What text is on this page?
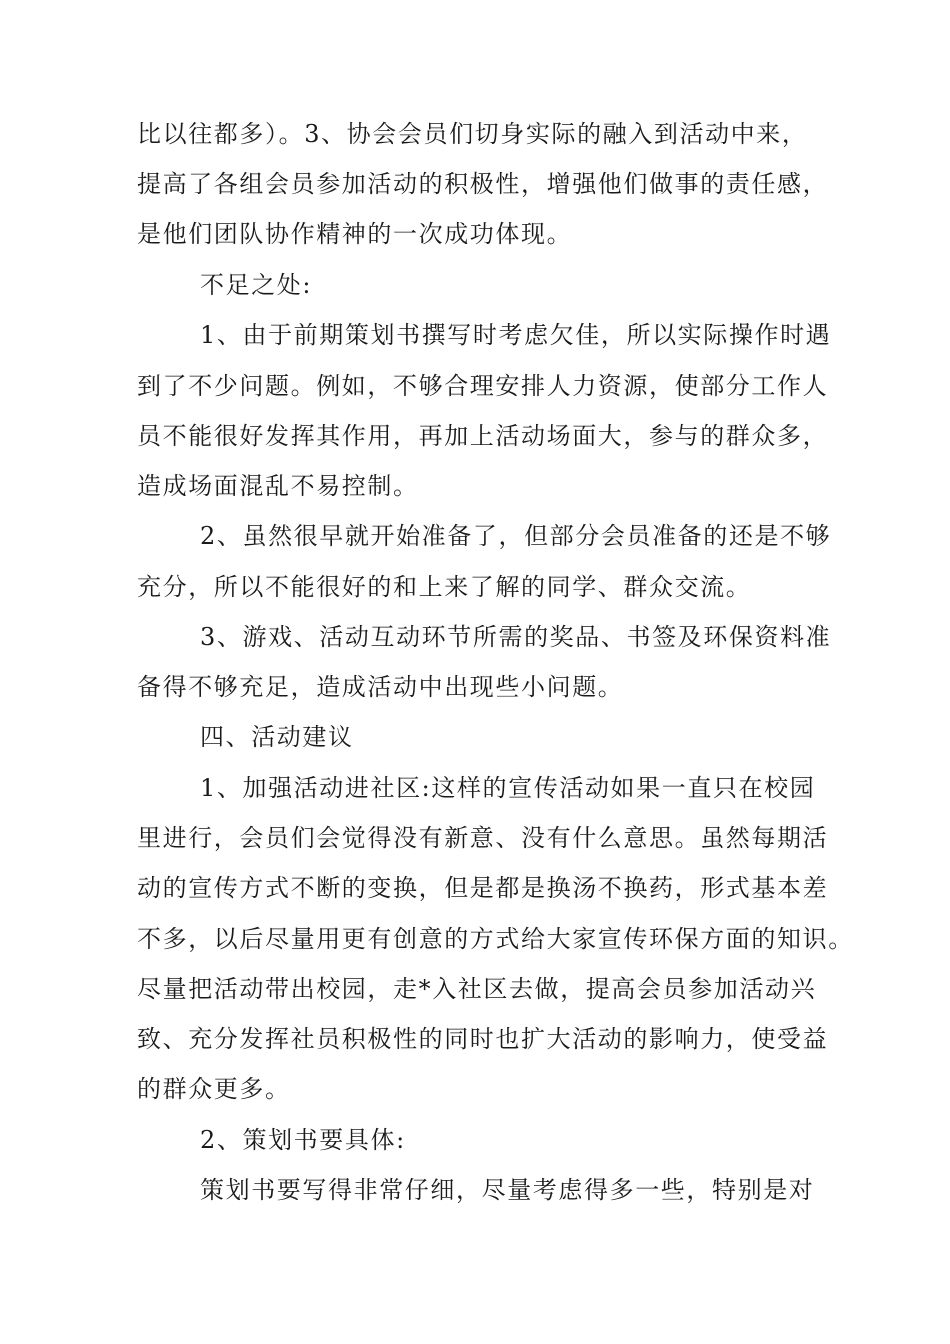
比以往都多）。3、协会会员们切身实际的融入到活动中来，
提高了各组会员参加活动的积极性，增强他们做事的责任感，
是他们团队协作精神的一次成功体现。
不足之处:
1、由于前期策划书撰写时考虑欠佳，所以实际操作时遇
到了不少问题。例如，不够合理安排人力资源，使部分工作人
员不能很好发挥其作用，再加上活动场面大，参与的群众多，
造成场面混乱不易控制。
2、虽然很早就开始准备了，但部分会员准备的还是不够
充分，所以不能很好的和上来了解的同学、群众交流。
3、游戏、活动互动环节所需的奖品、书签及环保资料准
备得不够充足，造成活动中出现些小问题。
四、活动建议
1、加强活动进社区:这样的宣传活动如果一直只在校园
里进行，会员们会觉得没有新意、没有什么意思。虽然每期活
动的宣传方式不断的变换，但是都是换汤不换药，形式基本差
不多，以后尽量用更有创意的方式给大家宣传环保方面的知识。
尽量把活动带出校园，走*入社区去做，提高会员参加活动兴
致、充分发挥社员积极性的同时也扩大活动的影响力，使受益
的群众更多。
2、策划书要具体:
策划书要写得非常仔细，尽量考虑得多一些，特别是对
